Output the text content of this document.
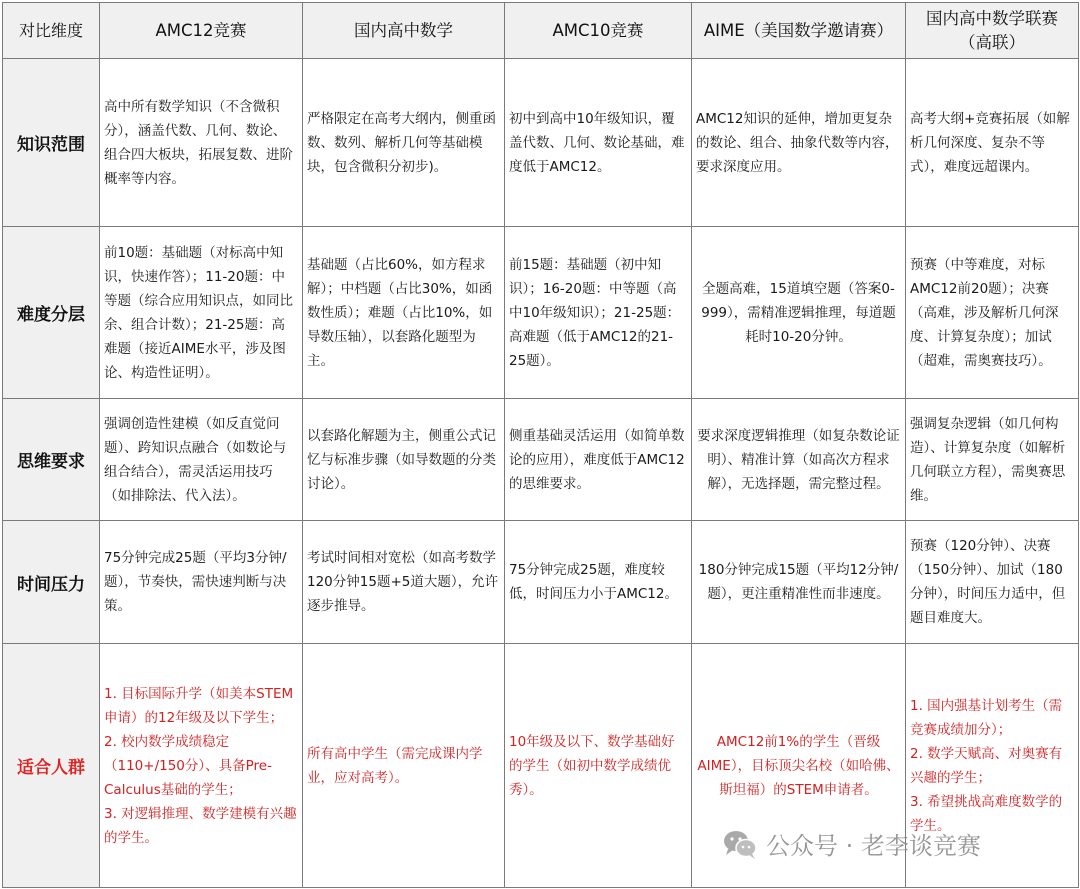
对比维度	AMC12竞赛	国内高中数学	AMC10竞赛	AIME（美国数学邀请赛）	国内高中数学联赛（高联）
知识范围	高中所有数学知识（不含微积分），涵盖代数、几何、数论、组合四大板块，拓展复数、进阶概率等内容。	严格限定在高考大纲内，侧重函数、数列、解析几何等基础模块，包含微积分初步)。	初中到高中10年级知识，覆盖代数、几何、数论基础，难度低于AMC12。	AMC12知识的延伸，增加更复杂的数论、组合、抽象代数等内容，要求深度应用。	高考大纲+竞赛拓展（如解析几何深度、复杂不等式），难度远超课内。
难度分层	前10题：基础题（对标高中知识，快速作答）；11-20题：中等题（综合应用知识点，如同比余、组合计数）；21-25题：高难题（接近AIME水平，涉及图论、构造性证明）。	基础题（占比60%，如方程求解）；中档题（占比30%，如函数性质）；难题（占比10%，如导数压轴），以套路化题型为主。	前15题：基础题（初中知识）；16-20题：中等题（高中10年级知识）；21-25题：高难题（低于AMC12的21-25题）。	全题高难，15道填空题（答案0-999），需精准逻辑推理，每道题耗时10-20分钟。	预赛（中等难度，对标AMC12前20题）；决赛（高难，涉及解析几何深度、计算复杂度）；加试（超难，需奥赛技巧）。
思维要求	强调创造性建模（如反直觉问题）、跨知识点融合（如数论与组合结合），需灵活运用技巧（如排除法、代入法）。	以套路化解题为主，侧重公式记忆与标准步骤（如导数题的分类讨论）。	侧重基础灵活运用（如简单数论的应用），难度低于AMC12的思维要求。	要求深度逻辑推理（如复杂数论证明）、精准计算（如高次方程求解），无选择题，需完整过程。	强调复杂逻辑（如几何构造）、计算复杂度（如解析几何联立方程），需奥赛思维。
时间压力	75分钟完成25题（平均3分钟/题），节奏快，需快速判断与决策。	考试时间相对宽松（如高考数学120分钟15题+5道大题），允许逐步推导。	75分钟完成25题，难度较低，时间压力小于AMC12。	180分钟完成15题（平均12分钟/题），更注重精准性而非速度。	预赛（120分钟）、决赛（150分钟）、加试（180分钟），时间压力适中，但题目难度大。
适合人群	1. 目标国际升学（如美本STEM申请）的12年级及以下学生；
2. 校内数学成绩稳定（110+/150分）、具备Pre-Calculus基础的学生；
3. 对逻辑推理、数学建模有兴趣的学生。	所有高中学生（需完成课内学业，应对高考）。	10年级及以下、数学基础好的学生（如初中数学成绩优秀）。	AMC12前1%的学生（晋级AIME），目标顶尖名校（如哈佛、斯坦福）的STEM申请者。	1. 国内强基计划考生（需竞赛成绩加分）；
2. 数学天赋高、对奥赛有兴趣的学生；
3. 希望挑战高难度数学的学生。
公众号 · 老李谈竞赛
